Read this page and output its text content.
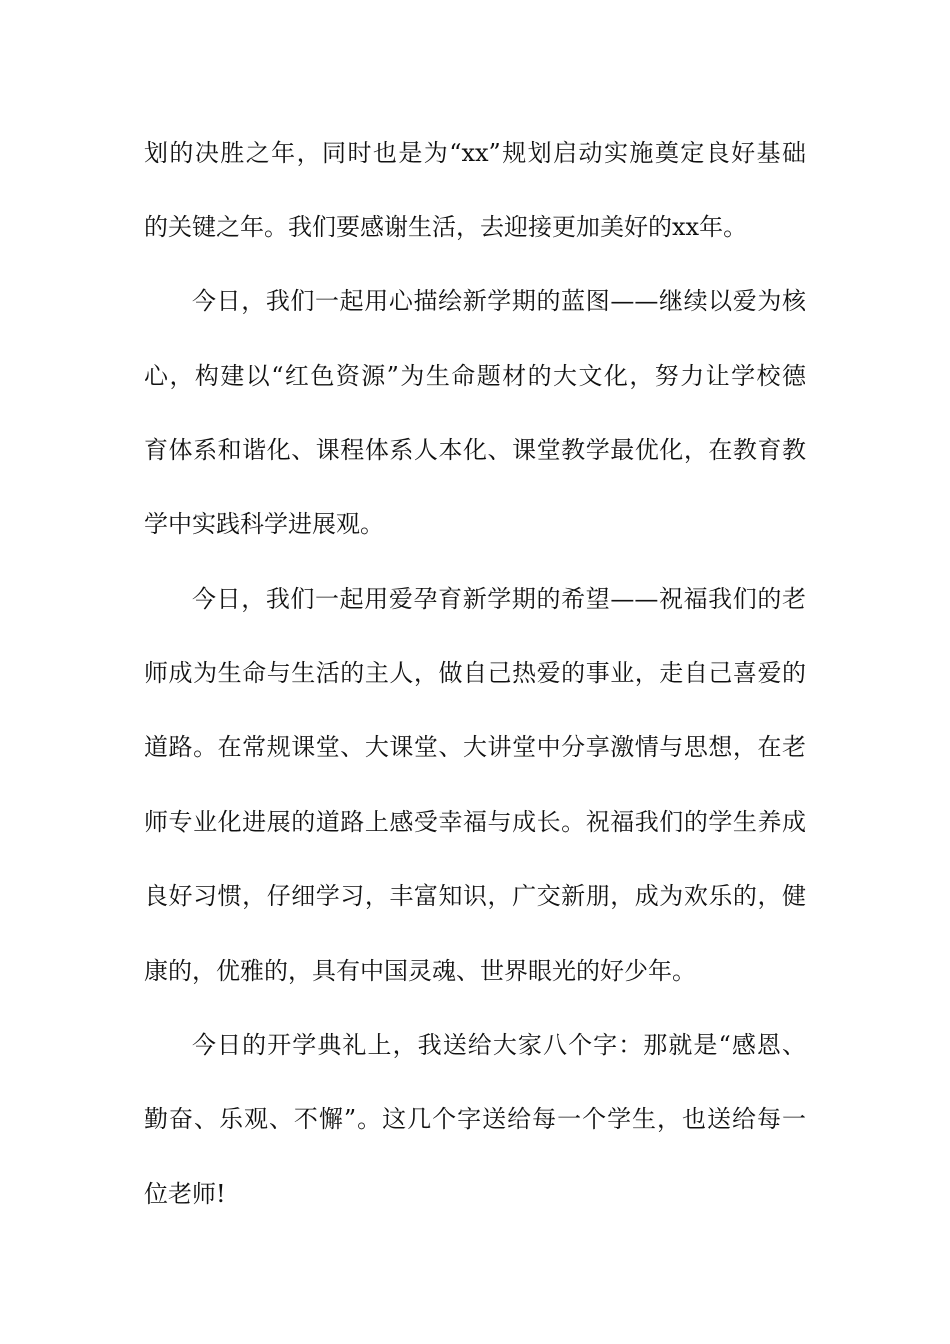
划的决胜之年，同时也是为“xx”规划启动实施奠定良好基础
的关键之年。我们要感谢生活，去迎接更加美好的xx年。
今日，我们一起用心描绘新学期的蓝图——继续以爱为核
心，构建以“红色资源”为生命题材的大文化，努力让学校德
育体系和谐化、课程体系人本化、课堂教学最优化，在教育教
学中实践科学进展观。
今日，我们一起用爱孕育新学期的希望——祝福我们的老
师成为生命与生活的主人，做自己热爱的事业，走自己喜爱的
道路。在常规课堂、大课堂、大讲堂中分享激情与思想，在老
师专业化进展的道路上感受幸福与成长。祝福我们的学生养成
良好习惯，仔细学习，丰富知识，广交新朋，成为欢乐的，健
康的，优雅的，具有中国灵魂、世界眼光的好少年。
今日的开学典礼上，我送给大家八个字：那就是“感恩、
勤奋、乐观、不懈”。这几个字送给每一个学生，也送给每一
位老师!
